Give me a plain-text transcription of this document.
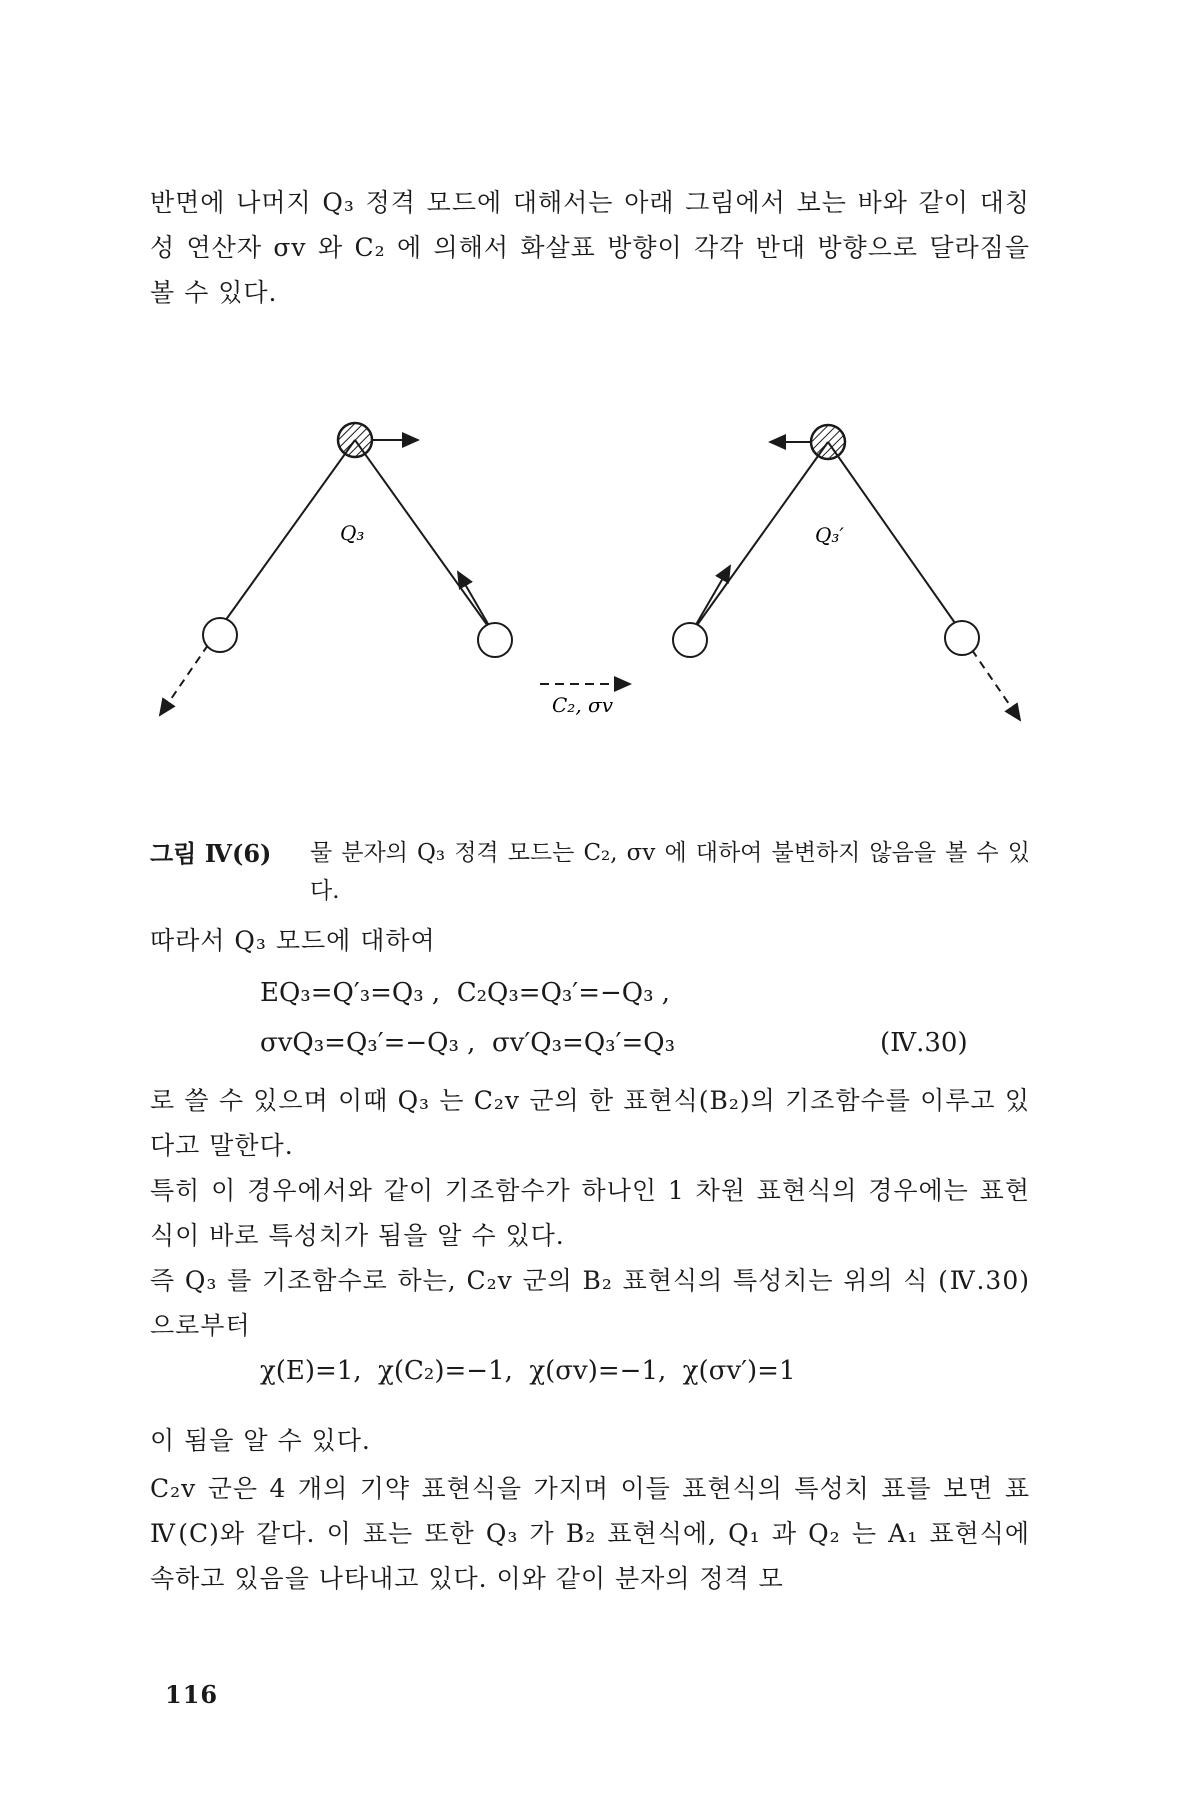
반면에 나머지 Q₃ 정격 모드에 대해서는 아래 그림에서 보는 바와 같이 대칭성 연산자 σv 와 C₂ 에 의해서 화살표 방향이 각각 반대 방향으로 달라짐을 볼 수 있다.

Q₃
C₂, σv
Q₃′
그림 Ⅳ(6) 물 분자의 Q₃ 정격 모드는 C₂, σv 에 대하여 불변하지 않음을 볼 수 있다.

따라서 Q₃ 모드에 대하여

EQ₃=Q′₃=Q₃ ,  C₂Q₃=Q₃′=−Q₃ ,
σvQ₃=Q₃′=−Q₃ ,  σv′Q₃=Q₃′=Q₃	(Ⅳ.30)

로 쓸 수 있으며 이때 Q₃ 는 C₂v 군의 한 표현식(B₂)의 기조함수를 이루고 있다고 말한다.

특히 이 경우에서와 같이 기조함수가 하나인 1 차원 표현식의 경우에는 표현식이 바로 특성치가 됨을 알 수 있다.

즉 Q₃ 를 기조함수로 하는, C₂v 군의 B₂ 표현식의 특성치는 위의 식 (Ⅳ.30)으로부터

χ(E)=1,  χ(C₂)=−1,  χ(σv)=−1,  χ(σv′)=1

이 됨을 알 수 있다.

C₂v 군은 4 개의 기약 표현식을 가지며 이들 표현식의 특성치 표를 보면 표 Ⅳ(C)와 같다. 이 표는 또한 Q₃ 가 B₂ 표현식에, Q₁ 과 Q₂ 는 A₁ 표현식에 속하고 있음을 나타내고 있다. 이와 같이 분자의 정격 모

116
